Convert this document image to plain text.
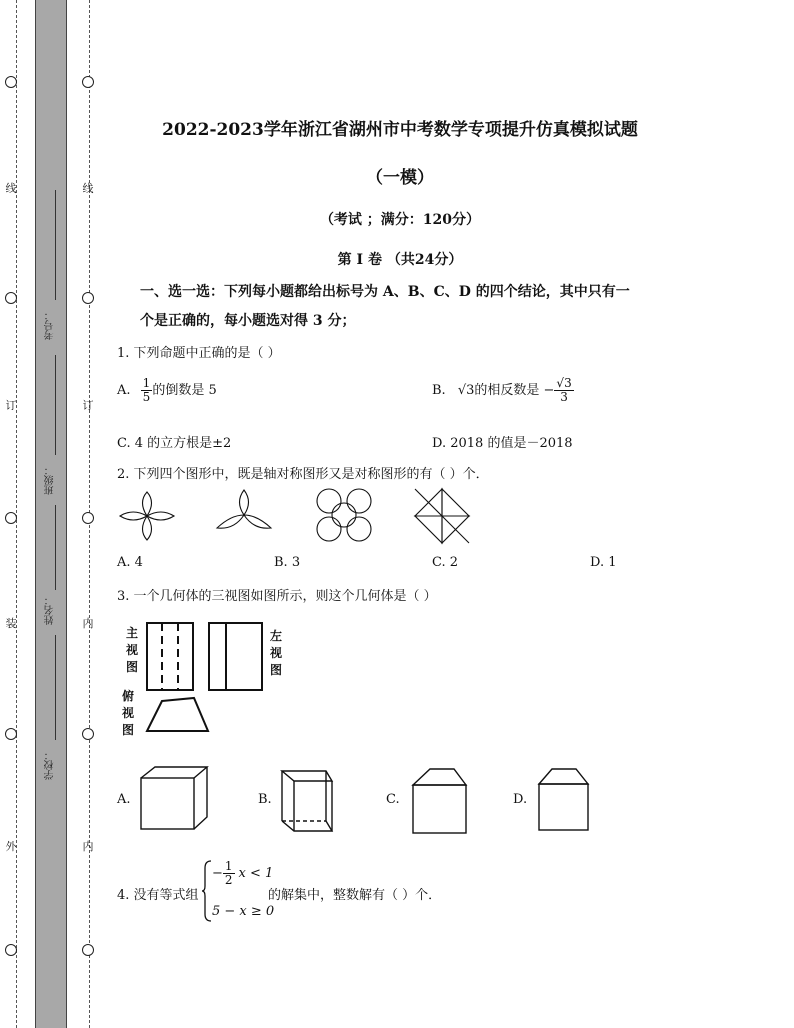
线
订
装
外
线
订
内
内
考号：
班级：
姓名：
学校：
2022-2023学年浙江省湖州市中考数学专项提升仿真模拟试题
（一模）
（考试 ；满分：120分）
第 I 卷 （共24分）
一、选一选：下列每小题都给出标号为 A、B、C、D 的四个结论，其中只有一
个是正确的，每小题选对得 3 分；
1. 下列命题中正确的是（ ）
A. $\frac{1}{5}$ 的倒数是 5	B. √3的相反数是 − $\frac{√3}{3}$
C. 4 的立方根是±2	D. 2018 的值是－2018
2. 下列四个图形中，既是轴对称图形又是对称图形的有（ ）个．
A. 4	B. 3	C. 2	D. 1
3. 一个几何体的三视图如图所示，则这个几何体是（ ）
主视图
左视图
俯视图
A.	B.	C.	D.
4. 没有等式组
− $\frac{1}{2}$ x < 1
5 − x ≥ 0
的解集中，整数解有（ ）个．
